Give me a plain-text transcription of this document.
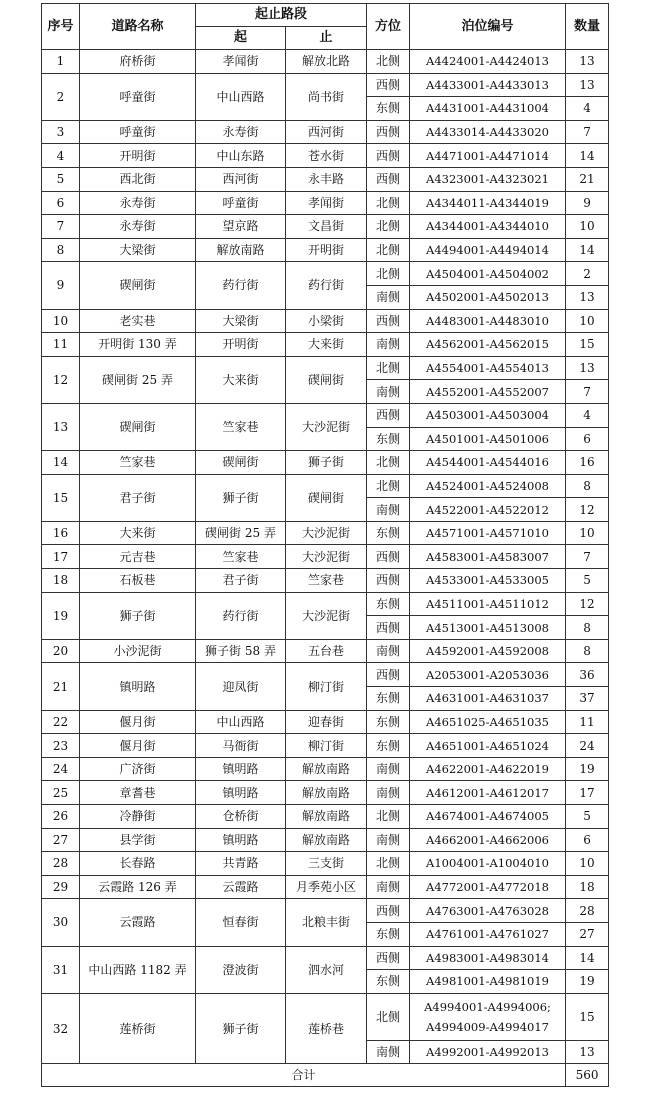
序号	道路名称	起止路段		方位	泊位编号	数量
		起	止			
1	府桥街	孝闻街	解放北路	北侧	A4424001-A4424013	13
2	呼童街	中山西路	尚书街	西侧	A4433001-A4433013	13
				东侧	A4431001-A4431004	4
3	呼童街	永寿街	西河街	西侧	A4433014-A4433020	7
4	开明街	中山东路	苍水街	西侧	A4471001-A4471014	14
5	西北街	西河街	永丰路	西侧	A4323001-A4323021	21
6	永寿街	呼童街	孝闻街	北侧	A4344011-A4344019	9
7	永寿街	望京路	文昌街	北侧	A4344001-A4344010	10
8	大梁街	解放南路	开明街	北侧	A4494001-A4494014	14
9	碶闸街	药行街	药行街	北侧	A4504001-A4504002	2
				南侧	A4502001-A4502013	13
10	老实巷	大梁街	小梁街	西侧	A4483001-A4483010	10
11	开明街 130 弄	开明街	大来街	南侧	A4562001-A4562015	15
12	碶闸街 25 弄	大来街	碶闸街	北侧	A4554001-A4554013	13
				南侧	A4552001-A4552007	7
13	碶闸街	竺家巷	大沙泥街	西侧	A4503001-A4503004	4
				东侧	A4501001-A4501006	6
14	竺家巷	碶闸街	狮子街	北侧	A4544001-A4544016	16
15	君子街	狮子街	碶闸街	北侧	A4524001-A4524008	8
				南侧	A4522001-A4522012	12
16	大来街	碶闸街 25 弄	大沙泥街	东侧	A4571001-A4571010	10
17	元吉巷	竺家巷	大沙泥街	西侧	A4583001-A4583007	7
18	石板巷	君子街	竺家巷	西侧	A4533001-A4533005	5
19	狮子街	药行街	大沙泥街	东侧	A4511001-A4511012	12
				西侧	A4513001-A4513008	8
20	小沙泥街	狮子街 58 弄	五台巷	南侧	A4592001-A4592008	8
21	镇明路	迎凤街	柳汀街	西侧	A2053001-A2053036	36
				东侧	A4631001-A4631037	37
22	偃月街	中山西路	迎春街	东侧	A4651025-A4651035	11
23	偃月街	马衙街	柳汀街	东侧	A4651001-A4651024	24
24	广济街	镇明路	解放南路	南侧	A4622001-A4622019	19
25	章耆巷	镇明路	解放南路	南侧	A4612001-A4612017	17
26	冷静街	仓桥街	解放南路	北侧	A4674001-A4674005	5
27	县学街	镇明路	解放南路	南侧	A4662001-A4662006	6
28	长春路	共青路	三支街	北侧	A1004001-A1004010	10
29	云霞路 126 弄	云霞路	月季苑小区	南侧	A4772001-A4772018	18
30	云霞路	恒春街	北粮丰街	西侧	A4763001-A4763028	28
				东侧	A4761001-A4761027	27
31	中山西路 1182 弄	澄波街	泗水河	西侧	A4983001-A4983014	14
				东侧	A4981001-A4981019	19
32	莲桥街	狮子街	莲桥巷	北侧	A4994001-A4994006;
A4994009-A4994017	15
				南侧	A4992001-A4992013	13
合计						560
